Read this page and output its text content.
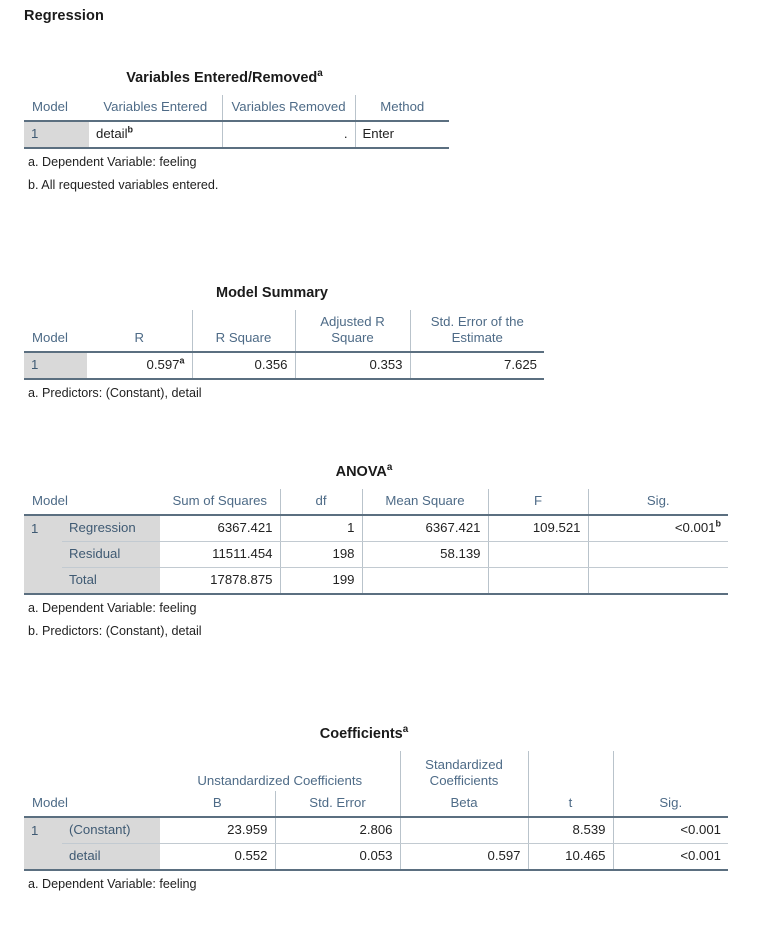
Regression
Variables Entered/Removed$^a$
Model	Variables Entered	Variables Removed	Method
1	detail$^b$	.	Enter

a. Dependent Variable: feeling

b. All requested variables entered.

Model Summary
Model	R	R Square	Adjusted R Square	Std. Error of the Estimate
1	0.597$^a$	0.356	0.353	7.625

a. Predictors: (Constant), detail

ANOVA$^a$
Model		Sum of Squares	df	Mean Square	F	Sig.
1	Regression	6367.421	1	6367.421	109.521	<0.001$^b$
	Residual	11511.454	198	58.139		
	Total	17878.875	199			

a. Dependent Variable: feeling

b. Predictors: (Constant), detail

Coefficients$^a$
		Unstandardized Coefficients		Standardized Coefficients		
Model		B	Std. Error	Beta	t	Sig.
1	(Constant)	23.959	2.806		8.539	<0.001
	detail	0.552	0.053	0.597	10.465	<0.001

a. Dependent Variable: feeling
